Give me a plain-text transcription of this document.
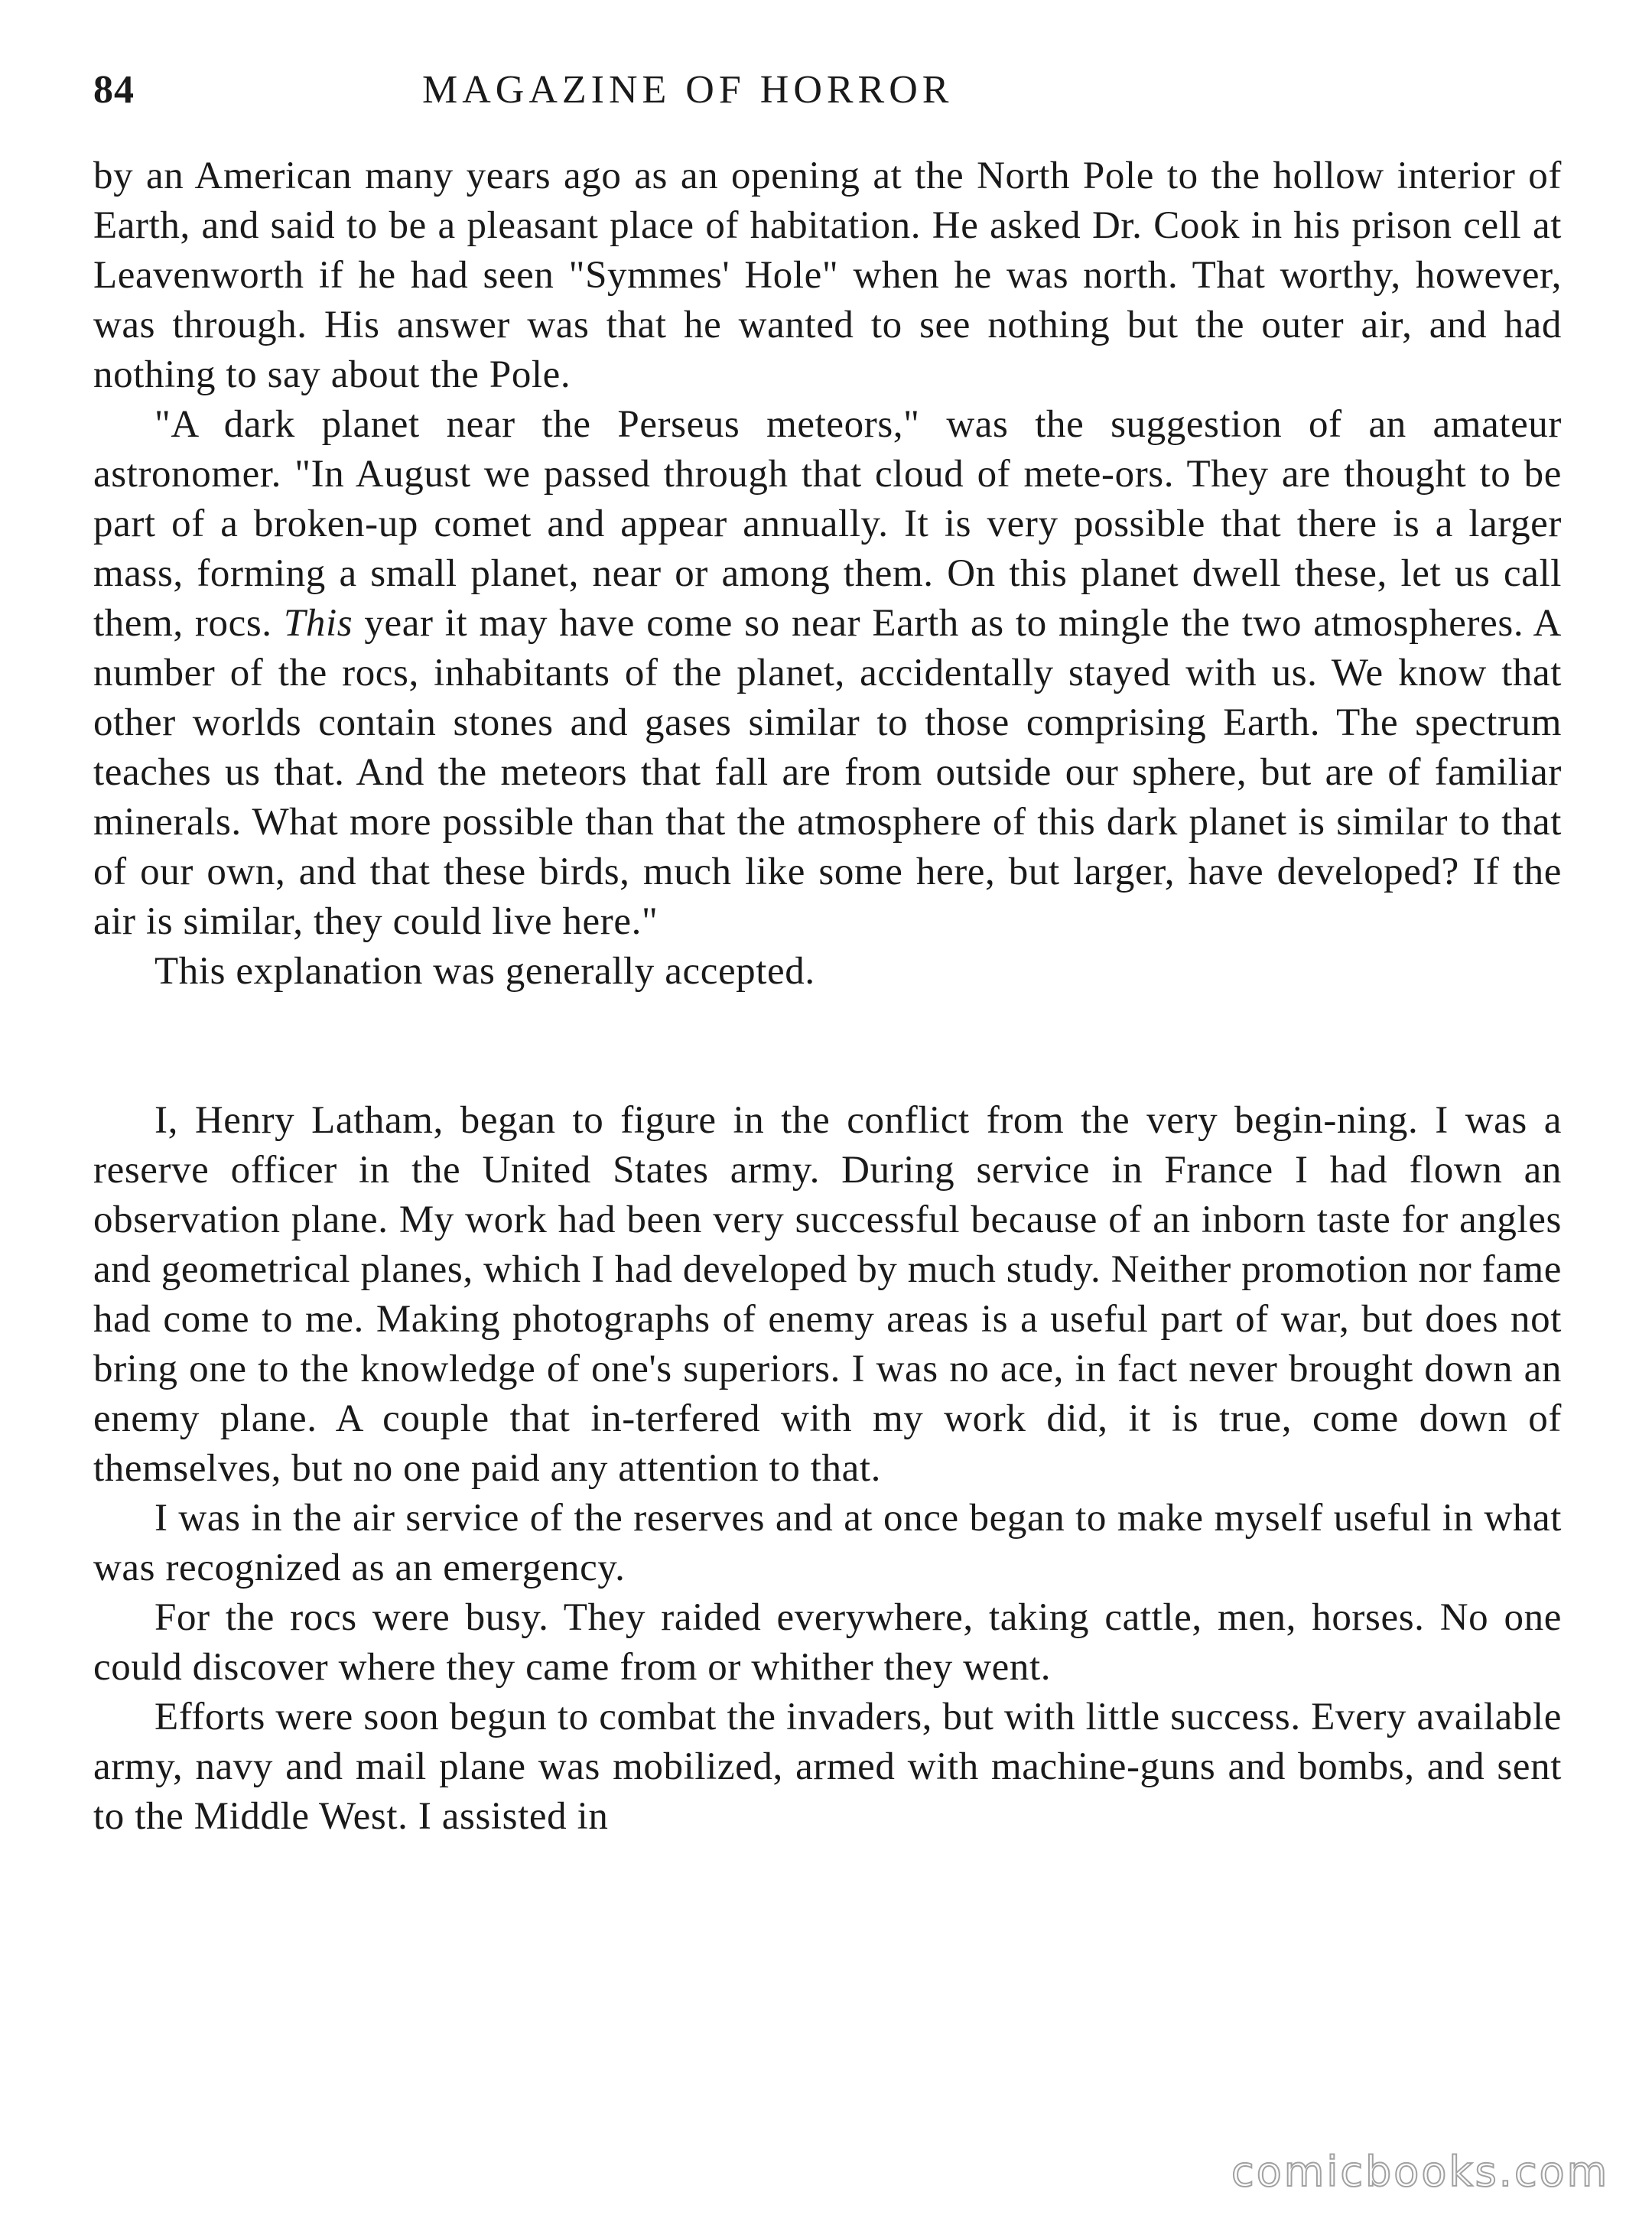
84	MAGAZINE OF HORROR

by an American many years ago as an opening at the North Pole to the hollow interior of Earth, and said to be a pleasant place of habitation. He asked Dr. Cook in his prison cell at Leavenworth if he had seen "Symmes' Hole" when he was north. That worthy, however, was through. His answer was that he wanted to see nothing but the outer air, and had nothing to say about the Pole.

"A dark planet near the Perseus meteors," was the suggestion of an amateur astronomer. "In August we passed through that cloud of mete-ors. They are thought to be part of a broken-up comet and appear annually. It is very possible that there is a larger mass, forming a small planet, near or among them. On this planet dwell these, let us call them, rocs. This year it may have come so near Earth as to mingle the two atmospheres. A number of the rocs, inhabitants of the planet, accidentally stayed with us. We know that other worlds contain stones and gases similar to those comprising Earth. The spectrum teaches us that. And the meteors that fall are from outside our sphere, but are of familiar minerals. What more possible than that the atmosphere of this dark planet is similar to that of our own, and that these birds, much like some here, but larger, have developed? If the air is similar, they could live here."

This explanation was generally accepted.

I, Henry Latham, began to figure in the conflict from the very begin-ning. I was a reserve officer in the United States army. During service in France I had flown an observation plane. My work had been very successful because of an inborn taste for angles and geometrical planes, which I had developed by much study. Neither promotion nor fame had come to me. Making photographs of enemy areas is a useful part of war, but does not bring one to the knowledge of one's superiors. I was no ace, in fact never brought down an enemy plane. A couple that in-terfered with my work did, it is true, come down of themselves, but no one paid any attention to that.

I was in the air service of the reserves and at once began to make myself useful in what was recognized as an emergency.

For the rocs were busy. They raided everywhere, taking cattle, men, horses. No one could discover where they came from or whither they went.

Efforts were soon begun to combat the invaders, but with little success. Every available army, navy and mail plane was mobilized, armed with machine-guns and bombs, and sent to the Middle West. I assisted in

comicbooks.com
